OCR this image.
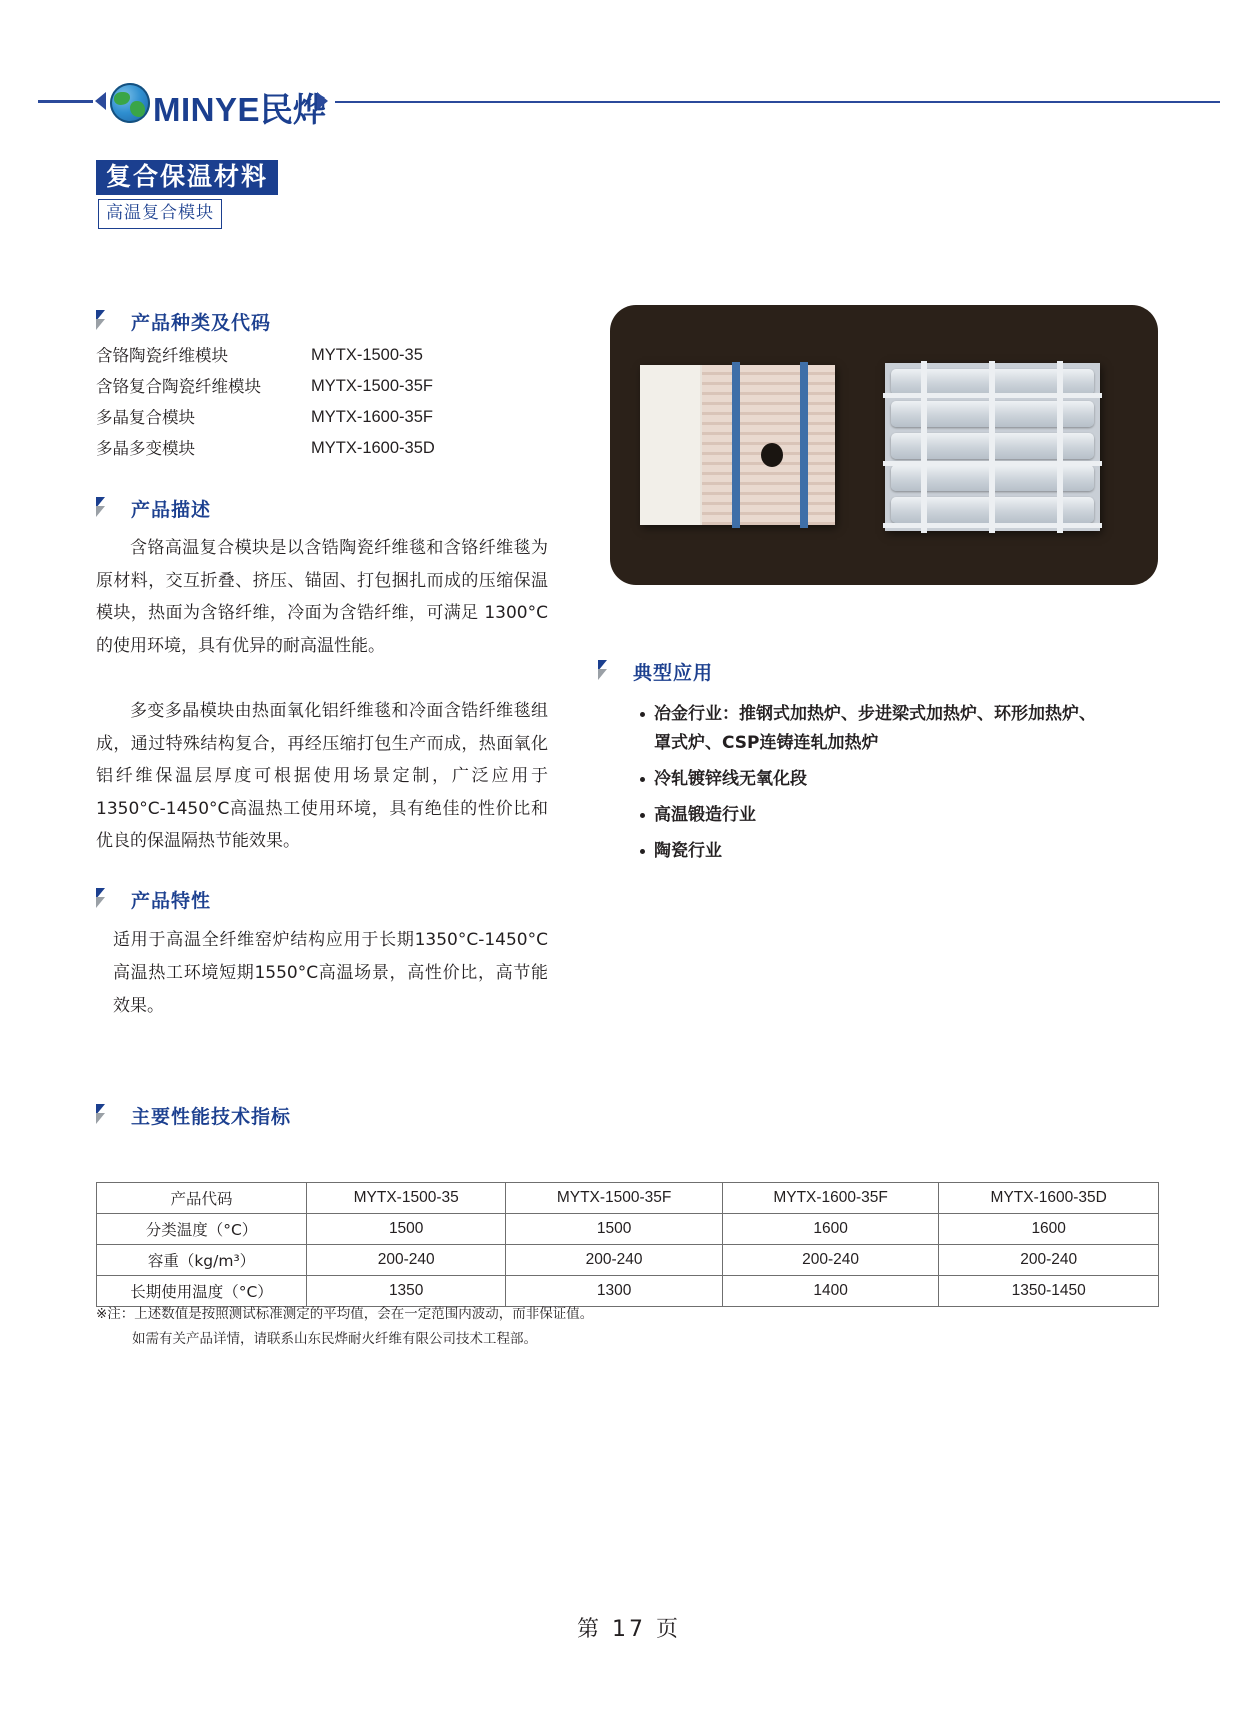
MINYE民烨
复合保温材料
高温复合模块
产品种类及代码
含铬陶瓷纤维模块	MYTX-1500-35
含铬复合陶瓷纤维模块	MYTX-1500-35F
多晶复合模块	MYTX-1600-35F
多晶多变模块	MYTX-1600-35D
产品描述
含铬高温复合模块是以含锆陶瓷纤维毯和含铬纤维毯为原材料，交互折叠、挤压、锚固、打包捆扎而成的压缩保温模块，热面为含铬纤维，冷面为含锆纤维，可满足 1300°C的使用环境，具有优异的耐高温性能。
多变多晶模块由热面氧化铝纤维毯和冷面含锆纤维毯组成，通过特殊结构复合，再经压缩打包生产而成，热面氧化铝纤维保温层厚度可根据使用场景定制，广泛应用于 1350°C-1450°C高温热工使用环境，具有绝佳的性价比和优良的保温隔热节能效果。
产品特性
适用于高温全纤维窑炉结构应用于长期1350°C-1450°C高温热工环境短期1550°C高温场景，高性价比，高节能效果。
典型应用
冶金行业：推钢式加热炉、步进梁式加热炉、环形加热炉、罩式炉、CSP连铸连轧加热炉
冷轧镀锌线无氧化段
高温锻造行业
陶瓷行业
主要性能技术指标
产品代码	MYTX-1500-35	MYTX-1500-35F	MYTX-1600-35F	MYTX-1600-35D
分类温度（°C）	1500	1500	1600	1600
容重（kg/m³）	200-240	200-240	200-240	200-240
长期使用温度（°C）	1350	1300	1400	1350-1450
※注：上述数值是按照测试标准测定的平均值，会在一定范围内波动，而非保证值。
如需有关产品详情，请联系山东民烨耐火纤维有限公司技术工程部。
第 17 页
